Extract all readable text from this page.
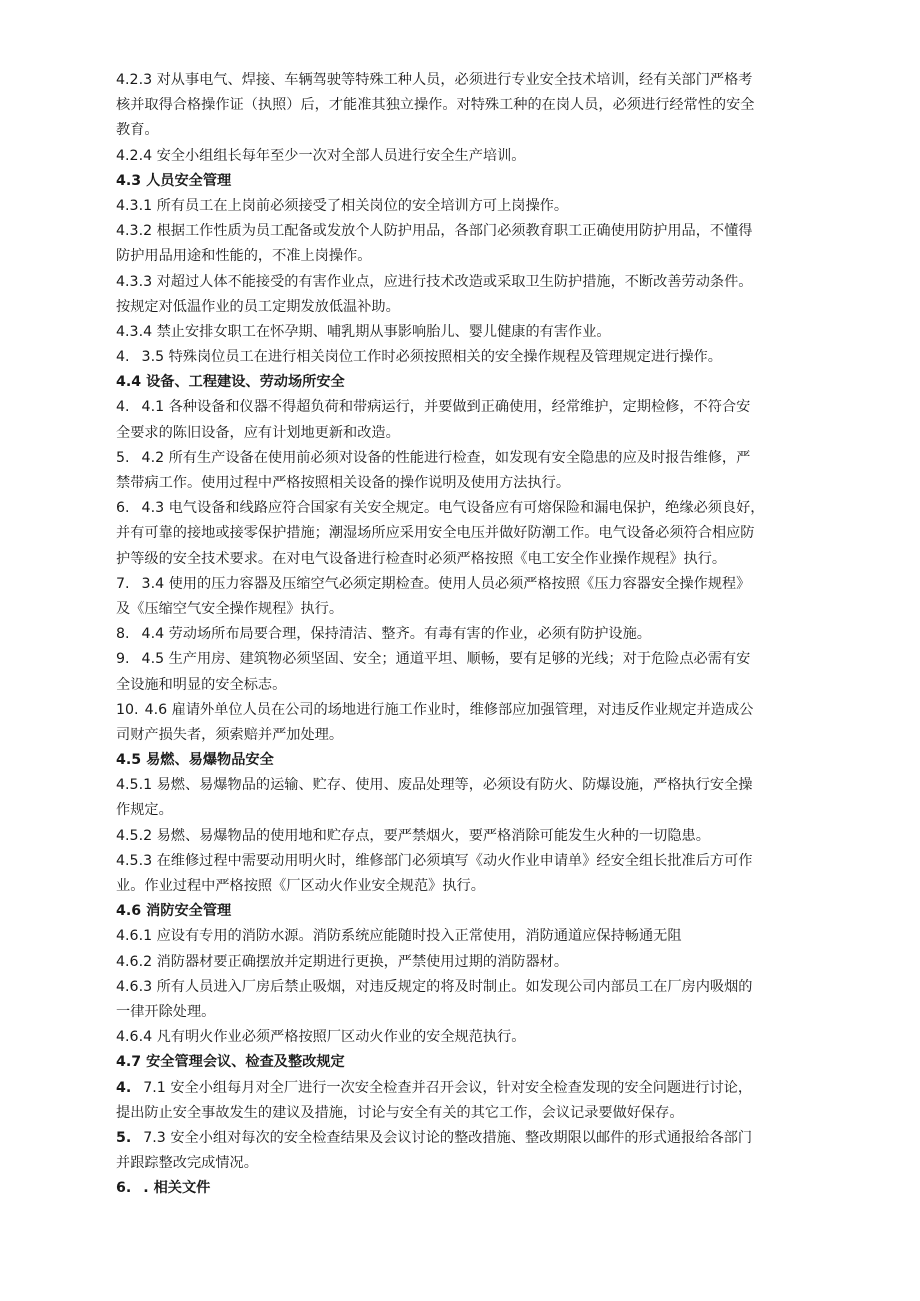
4.2.3 对从事电气、焊接、车辆驾驶等特殊工种人员，必须进行专业安全技术培训，经有关部门严格考
核并取得合格操作证（执照）后，才能准其独立操作。对特殊工种的在岗人员，必须进行经常性的安全
教育。
4.2.4 安全小组组长每年至少一次对全部人员进行安全生产培训。
4.3 人员安全管理
4.3.1 所有员工在上岗前必须接受了相关岗位的安全培训方可上岗操作。
4.3.2 根据工作性质为员工配备或发放个人防护用品，各部门必须教育职工正确使用防护用品，不懂得
防护用品用途和性能的，不准上岗操作。
4.3.3 对超过人体不能接受的有害作业点，应进行技术改造或采取卫生防护措施，不断改善劳动条件。
按规定对低温作业的员工定期发放低温补助。
4.3.4 禁止安排女职工在怀孕期、哺乳期从事影响胎儿、婴儿健康的有害作业。
4. 3.5 特殊岗位员工在进行相关岗位工作时必须按照相关的安全操作规程及管理规定进行操作。
4.4 设备、工程建设、劳动场所安全
4. 4.1 各种设备和仪器不得超负荷和带病运行，并要做到正确使用，经常维护，定期检修，不符合安
全要求的陈旧设备，应有计划地更新和改造。
5. 4.2 所有生产设备在使用前必须对设备的性能进行检查，如发现有安全隐患的应及时报告维修，严
禁带病工作。使用过程中严格按照相关设备的操作说明及使用方法执行。
6. 4.3 电气设备和线路应符合国家有关安全规定。电气设备应有可熔保险和漏电保护，绝缘必须良好，
并有可靠的接地或接零保护措施；潮湿场所应采用安全电压并做好防潮工作。电气设备必须符合相应防
护等级的安全技术要求。在对电气设备进行检查时必须严格按照《电工安全作业操作规程》执行。
7. 3.4 使用的压力容器及压缩空气必须定期检查。使用人员必须严格按照《压力容器安全操作规程》
及《压缩空气安全操作规程》执行。
8. 4.4 劳动场所布局要合理，保持清洁、整齐。有毒有害的作业，必须有防护设施。
9. 4.5 生产用房、建筑物必须坚固、安全；通道平坦、顺畅，要有足够的光线；对于危险点必需有安
全设施和明显的安全标志。
10. 4.6 雇请外单位人员在公司的场地进行施工作业时，维修部应加强管理，对违反作业规定并造成公
司财产损失者，须索赔并严加处理。
4.5 易燃、易爆物品安全
4.5.1 易燃、易爆物品的运输、贮存、使用、废品处理等，必须设有防火、防爆设施，严格执行安全操
作规定。
4.5.2 易燃、易爆物品的使用地和贮存点，要严禁烟火，要严格消除可能发生火种的一切隐患。
4.5.3 在维修过程中需要动用明火时，维修部门必须填写《动火作业申请单》经安全组长批准后方可作
业。作业过程中严格按照《厂区动火作业安全规范》执行。
4.6 消防安全管理
4.6.1 应设有专用的消防水源。消防系统应能随时投入正常使用，消防通道应保持畅通无阻
4.6.2 消防器材要正确摆放并定期进行更换，严禁使用过期的消防器材。
4.6.3 所有人员进入厂房后禁止吸烟，对违反规定的将及时制止。如发现公司内部员工在厂房内吸烟的
一律开除处理。
4.6.4 凡有明火作业必须严格按照厂区动火作业的安全规范执行。
4.7 安全管理会议、检查及整改规定
4. 7.1 安全小组每月对全厂进行一次安全检查并召开会议，针对安全检查发现的安全问题进行讨论，
提出防止安全事故发生的建议及措施，讨论与安全有关的其它工作，会议记录要做好保存。
5. 7.3 安全小组对每次的安全检查结果及会议讨论的整改措施、整改期限以邮件的形式通报给各部门
并跟踪整改完成情况。
6. . 相关文件
